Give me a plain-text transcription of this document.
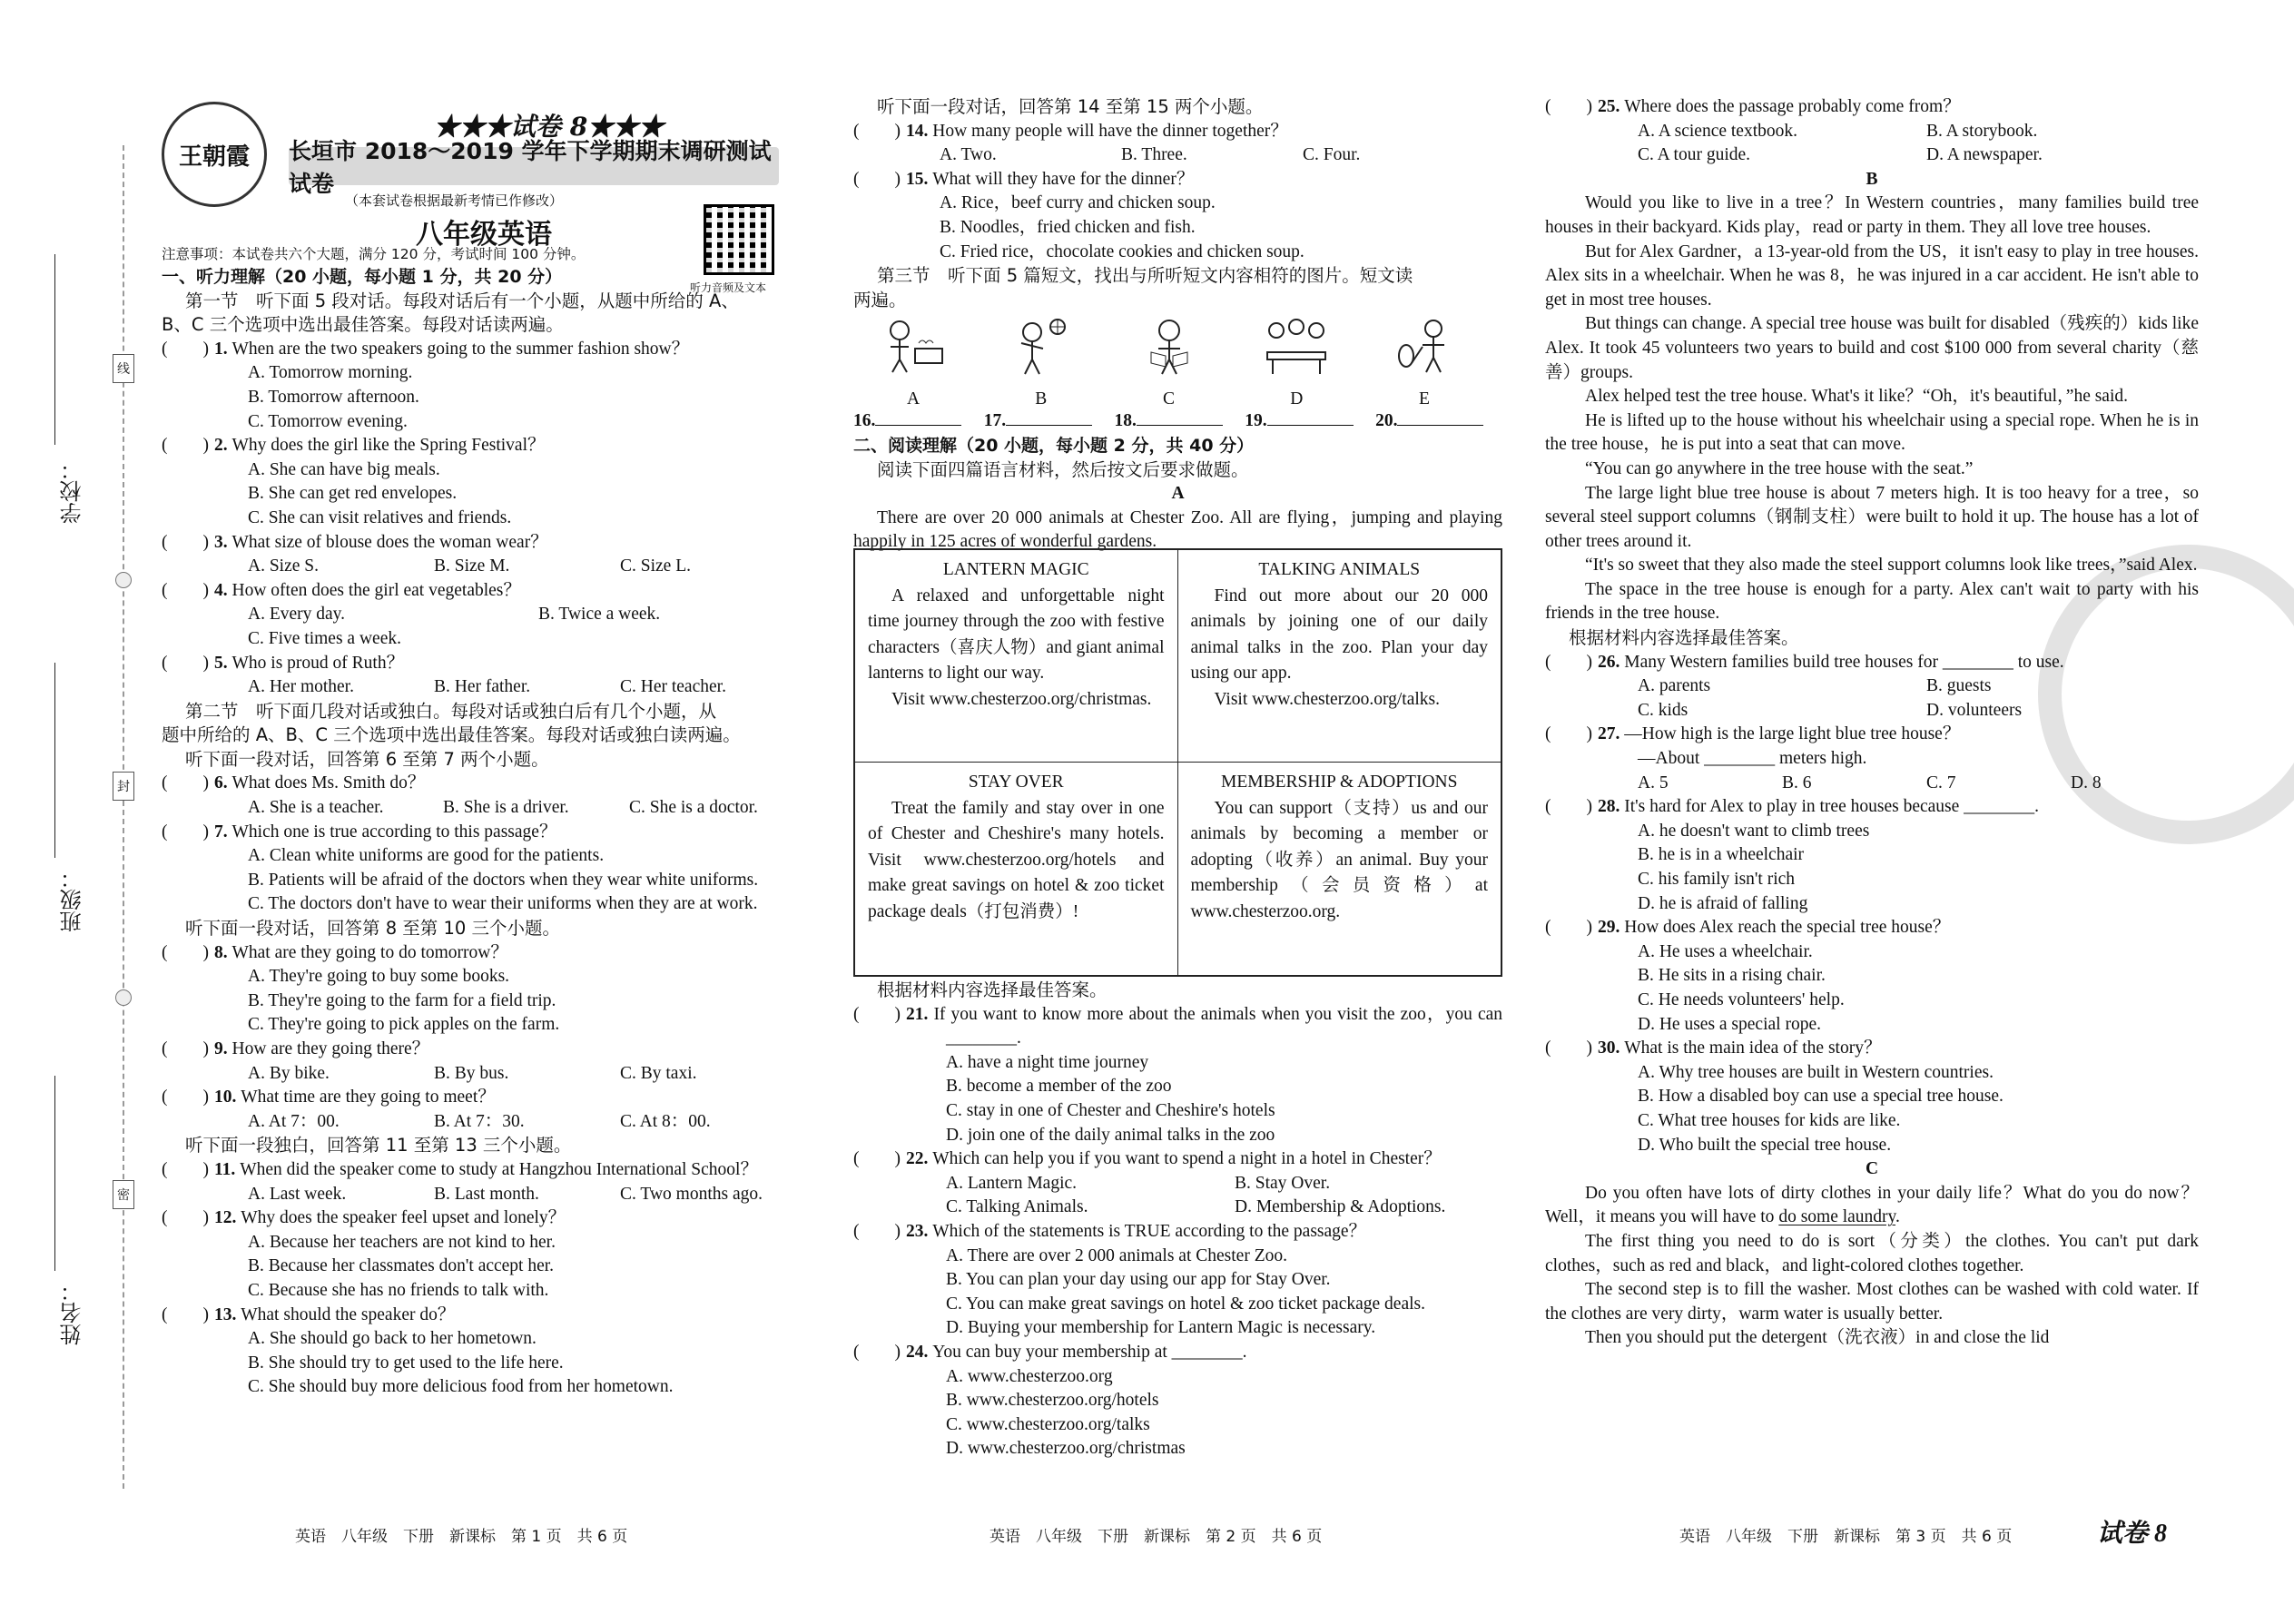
学校：
班级：
姓名：
线
封
密
王朝霞
★★★试卷 8★★★
长垣市 2018～2019 学年下学期期末调研测试试卷
（本套试卷根据最新考情已作修改）
八年级英语
注意事项：本试卷共六个大题，满分 120 分，考试时间 100 分钟。
听力音频及文本
一、听力理解（20 小题，每小题 1 分，共 20 分）
第一节　听下面 5 段对话。每段对话后有一个小题，从题中所给的 A、
B、C 三个选项中选出最佳答案。每段对话读两遍。
(　　) 1. When are the two speakers going to the summer fashion show？
A. Tomorrow morning.
B. Tomorrow afternoon.
C. Tomorrow evening.
(　　) 2. Why does the girl like the Spring Festival？
A. She can have big meals.
B. She can get red envelopes.
C. She can visit relatives and friends.
(　　) 3. What size of blouse does the woman wear？
A. Size S.	B. Size M.	C. Size L.
(　　) 4. How often does the girl eat vegetables？
A. Every day.	B. Twice a week.
C. Five times a week.
(　　) 5. Who is proud of Ruth？
A. Her mother.	B. Her father.	C. Her teacher.
第二节　听下面几段对话或独白。每段对话或独白后有几个小题，从
题中所给的 A、B、C 三个选项中选出最佳答案。每段对话或独白读两遍。
听下面一段对话，回答第 6 至第 7 两个小题。
(　　) 6. What does Ms. Smith do？
A. She is a teacher.	B. She is a driver.	C. She is a doctor.
(　　) 7. Which one is true according to this passage？
A. Clean white uniforms are good for the patients.
B. Patients will be afraid of the doctors when they wear white uniforms.
C. The doctors don't have to wear their uniforms when they are at work.
听下面一段对话，回答第 8 至第 10 三个小题。
(　　) 8. What are they going to do tomorrow？
A. They're going to buy some books.
B. They're going to the farm for a field trip.
C. They're going to pick apples on the farm.
(　　) 9. How are they going there？
A. By bike.	B. By bus.	C. By taxi.
(　　) 10. What time are they going to meet？
A. At 7：00.	B. At 7：30.	C. At 8：00.
听下面一段独白，回答第 11 至第 13 三个小题。
(　　) 11. When did the speaker come to study at Hangzhou International School？
A. Last week.	B. Last month.	C. Two months ago.
(　　) 12. Why does the speaker feel upset and lonely？
A. Because her teachers are not kind to her.
B. Because her classmates don't accept her.
C. Because she has no friends to talk with.
(　　) 13. What should the speaker do？
A. She should go back to her hometown.
B. She should try to get used to the life here.
C. She should buy more delicious food from her hometown.
听下面一段对话，回答第 14 至第 15 两个小题。
(　　) 14. How many people will have the dinner together？
A. Two.	B. Three.	C. Four.
(　　) 15. What will they have for the dinner？
A. Rice，beef curry and chicken soup.
B. Noodles，fried chicken and fish.
C. Fried rice，chocolate cookies and chicken soup.
第三节　听下面 5 篇短文，找出与所听短文内容相符的图片。短文读
两遍。
A	B	C	D	E
16.　	17.　	18.　	19.　	20.
二、阅读理解（20 小题，每小题 2 分，共 40 分）
阅读下面四篇语言材料，然后按文后要求做题。
A
There are over 20 000 animals at Chester Zoo. All are flying，jumping and playing happily in 125 acres of wonderful gardens.
LANTERN MAGIC
A relaxed and unforgettable night time journey through the zoo with festive characters（喜庆人物）and giant animal lanterns to light our way.
Visit www.chesterzoo.org/christmas.
TALKING ANIMALS
Find out more about our 20 000 animals by joining one of our daily animal talks in the zoo. Plan your day using our app.
Visit www.chesterzoo.org/talks.
STAY OVER
Treat the family and stay over in one of Chester and Cheshire's many hotels. Visit www.chesterzoo.org/hotels and make great savings on hotel & zoo ticket package deals（打包消费）!
MEMBERSHIP & ADOPTIONS
You can support（支持）us and our animals by becoming a member or adopting（收养）an animal. Buy your membership（会员资格）at www.chesterzoo.org.
根据材料内容选择最佳答案。
(　　) 21. If you want to know more about the animals when you visit the zoo，you can ________.
A. have a night time journey
B. become a member of the zoo
C. stay in one of Chester and Cheshire's hotels
D. join one of the daily animal talks in the zoo
(　　) 22. Which can help you if you want to spend a night in a hotel in Chester？
A. Lantern Magic.	B. Stay Over.
C. Talking Animals.	D. Membership & Adoptions.
(　　) 23. Which of the statements is TRUE according to the passage？
A. There are over 2 000 animals at Chester Zoo.
B. You can plan your day using our app for Stay Over.
C. You can make great savings on hotel & zoo ticket package deals.
D. Buying your membership for Lantern Magic is necessary.
(　　) 24. You can buy your membership at ________.
A. www.chesterzoo.org
B. www.chesterzoo.org/hotels
C. www.chesterzoo.org/talks
D. www.chesterzoo.org/christmas
(　　) 25. Where does the passage probably come from？
A. A science textbook.	B. A storybook.
C. A tour guide.	D. A newspaper.
B
Would you like to live in a tree？In Western countries，many families build tree houses in their backyard. Kids play，read or party in them. They all love tree houses.
But for Alex Gardner，a 13-year-old from the US，it isn't easy to play in tree houses. Alex sits in a wheelchair. When he was 8，he was injured in a car accident. He isn't able to get in most tree houses.
But things can change. A special tree house was built for disabled（残疾的）kids like Alex. It took 45 volunteers two years to build and cost $100 000 from several charity（慈善）groups.
Alex helped test the tree house. What's it like？“Oh，it's beautiful，”he said.
He is lifted up to the house without his wheelchair using a special rope. When he is in the tree house，he is put into a seat that can move.
“You can go anywhere in the tree house with the seat.”
The large light blue tree house is about 7 meters high. It is too heavy for a tree，so several steel support columns（钢制支柱）were built to hold it up. The house has a lot of other trees around it.
“It's so sweet that they also made the steel support columns look like trees，”said Alex.
The space in the tree house is enough for a party. Alex can't wait to party with his friends in the tree house.
根据材料内容选择最佳答案。
(　　) 26. Many Western families build tree houses for ________ to use.
A. parents	B. guests
C. kids	D. volunteers
(　　) 27. —How high is the large light blue tree house？
—About ________ meters high.
A. 5	B. 6	C. 7	D. 8
(　　) 28. It's hard for Alex to play in tree houses because ________.
A. he doesn't want to climb trees
B. he is in a wheelchair
C. his family isn't rich
D. he is afraid of falling
(　　) 29. How does Alex reach the special tree house？
A. He uses a wheelchair.
B. He sits in a rising chair.
C. He needs volunteers' help.
D. He uses a special rope.
(　　) 30. What is the main idea of the story？
A. Why tree houses are built in Western countries.
B. How a disabled boy can use a special tree house.
C. What tree houses for kids are like.
D. Who built the special tree house.
C
Do you often have lots of dirty clothes in your daily life？What do you do now？Well，it means you will have to do some laundry.
The first thing you need to do is sort（分类）the clothes. You can't put dark clothes，such as red and black，and light-colored clothes together.
The second step is to fill the washer. Most clothes can be washed with cold water. If the clothes are very dirty，warm water is usually better.
Then you should put the detergent（洗衣液）in and close the lid
英语　八年级　下册　新课标　第 1 页　共 6 页	英语　八年级　下册　新课标　第 2 页　共 6 页	英语　八年级　下册　新课标　第 3 页　共 6 页	试卷 8
